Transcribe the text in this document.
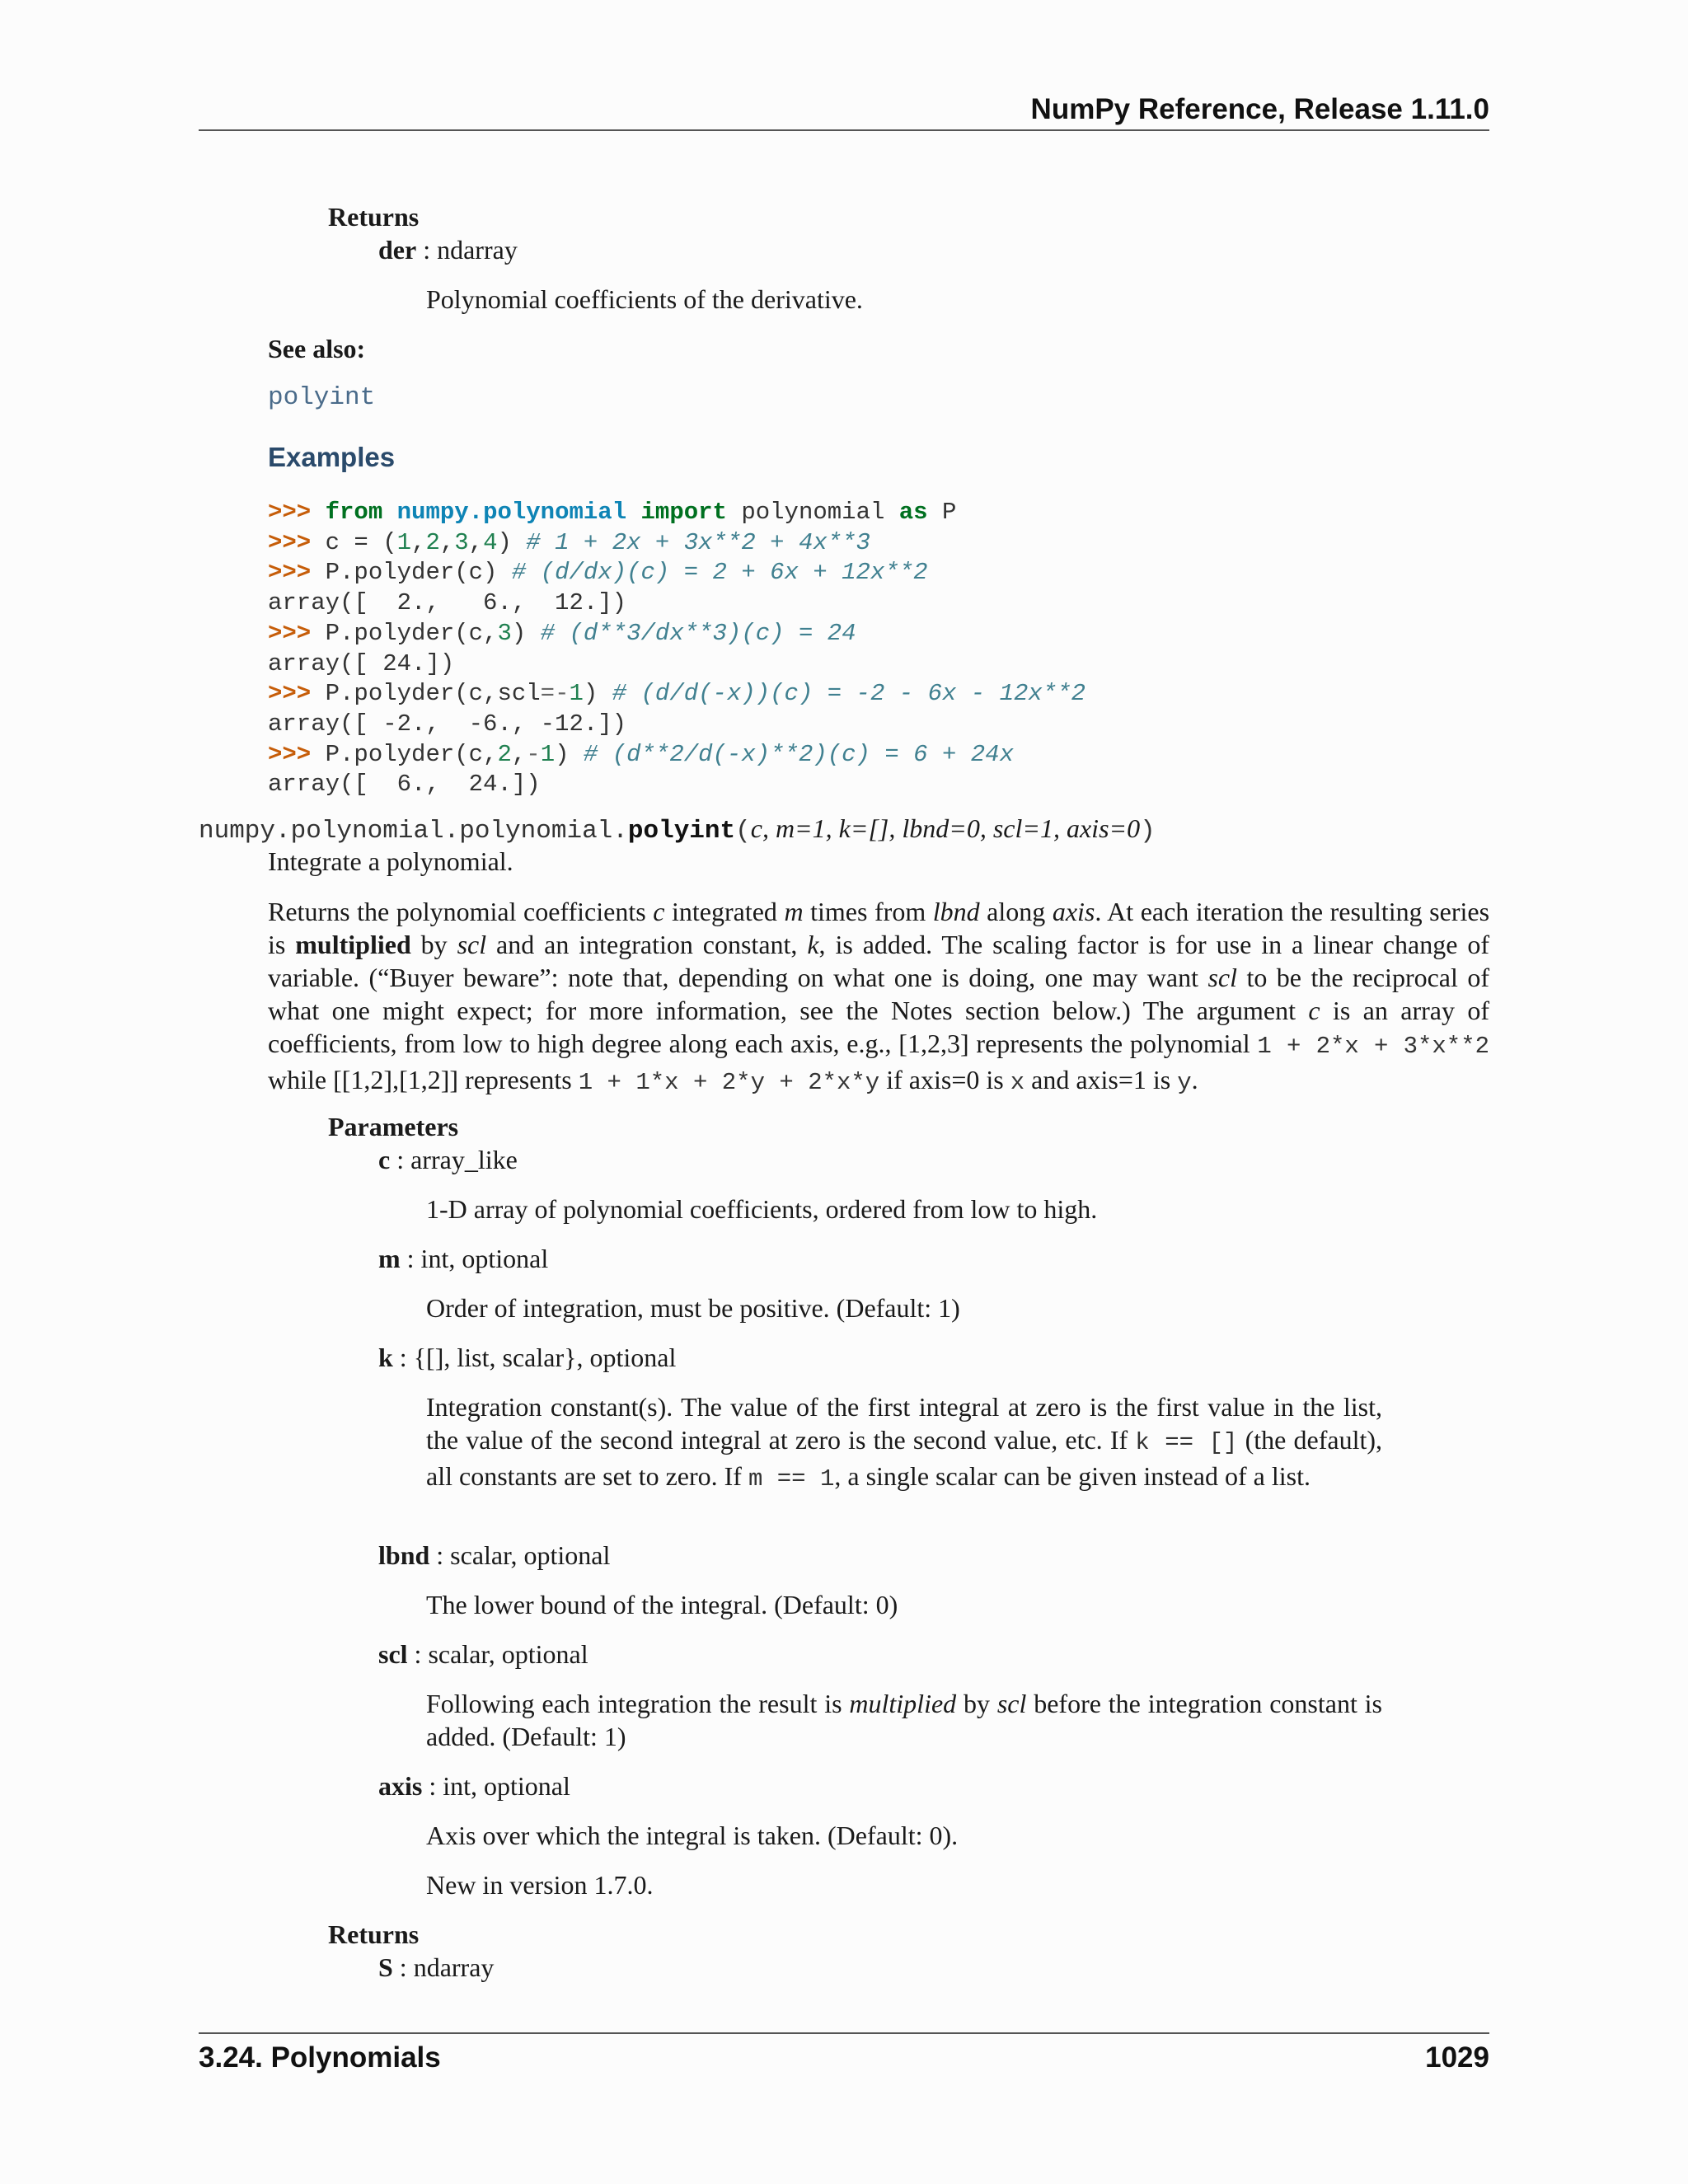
NumPy Reference, Release 1.11.0
Returns
der : ndarray
Polynomial coefficients of the derivative.
See also:
polyint
Examples
>>> from numpy.polynomial import polynomial as P
>>> c = (1,2,3,4) # 1 + 2x + 3x**2 + 4x**3
>>> P.polyder(c) # (d/dx)(c) = 2 + 6x + 12x**2
array([  2.,   6.,  12.])
>>> P.polyder(c,3) # (d**3/dx**3)(c) = 24
array([ 24.])
>>> P.polyder(c,scl=-1) # (d/d(-x))(c) = -2 - 6x - 12x**2
array([ -2.,  -6., -12.])
>>> P.polyder(c,2,-1) # (d**2/d(-x)**2)(c) = 6 + 24x
array([  6.,  24.])
numpy.polynomial.polynomial.polyint(c, m=1, k=[], lbnd=0, scl=1, axis=0)
Integrate a polynomial.
Returns the polynomial coefficients c integrated m times from lbnd along axis. At each iteration the resulting series is multiplied by scl and an integration constant, k, is added. The scaling factor is for use in a linear change of variable. (“Buyer beware”: note that, depending on what one is doing, one may want scl to be the reciprocal of what one might expect; for more information, see the Notes section below.) The argument c is an array of coefficients, from low to high degree along each axis, e.g., [1,2,3] represents the polynomial 1 + 2*x + 3*x**2 while [[1,2],[1,2]] represents 1 + 1*x + 2*y + 2*x*y if axis=0 is x and axis=1 is y.
Parameters
c : array_like
1-D array of polynomial coefficients, ordered from low to high.
m : int, optional
Order of integration, must be positive. (Default: 1)
k : {[], list, scalar}, optional
Integration constant(s). The value of the first integral at zero is the first value in the list, the value of the second integral at zero is the second value, etc. If k == [] (the default), all constants are set to zero. If m == 1, a single scalar can be given instead of a list.
lbnd : scalar, optional
The lower bound of the integral. (Default: 0)
scl : scalar, optional
Following each integration the result is multiplied by scl before the integration constant is added. (Default: 1)
axis : int, optional
Axis over which the integral is taken. (Default: 0).
New in version 1.7.0.
Returns
S : ndarray
3.24. Polynomials	1029
